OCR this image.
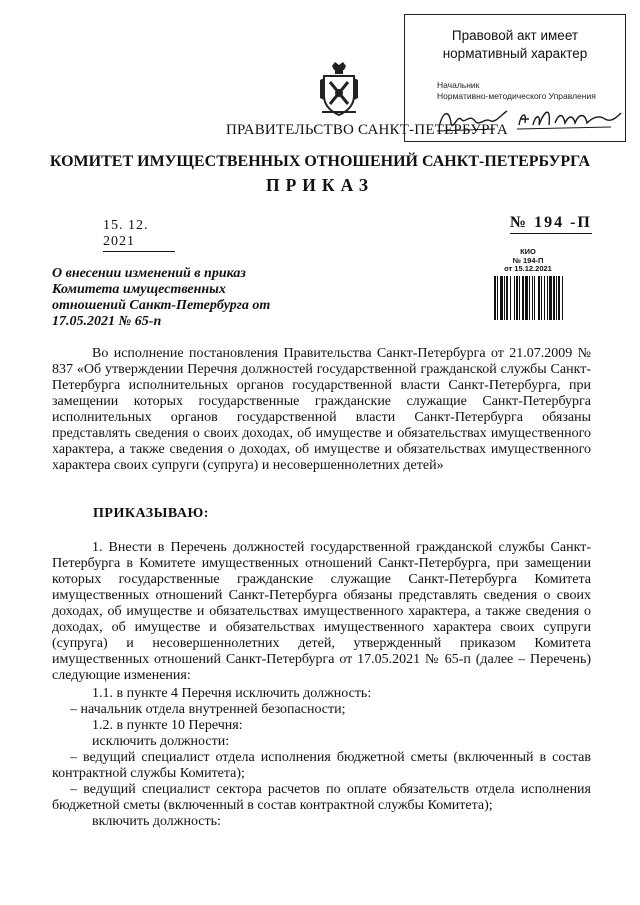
Правовой акт имеет
нормативный характер
Начальник
Нормативно-методического Управления
ПРАВИТЕЛЬСТВО САНКТ-ПЕТЕРБУРГА
КОМИТЕТ ИМУЩЕСТВЕННЫХ ОТНОШЕНИЙ САНКТ-ПЕТЕРБУРГА
ПРИКАЗ
15. 12. 2021
№ 194 -П
КИО
№ 194-П
от 15.12.2021
О внесении изменений в приказ Комитета имущественных отношений Санкт-Петербурга от 17.05.2021 № 65-п
Во исполнение постановления Правительства Санкт-Петербурга от 21.07.2009 № 837 «Об утверждении Перечня должностей государственной гражданской службы Санкт-Петербурга исполнительных органов государственной власти Санкт-Петербурга, при замещении которых государственные гражданские служащие Санкт-Петербурга исполнительных органов государственной власти Санкт-Петербурга обязаны представлять сведения о своих доходах, об имуществе и обязательствах имущественного характера, а также сведения о доходах, об имуществе и обязательствах имущественного характера своих супруги (супруга) и несовершеннолетних детей»
ПРИКАЗЫВАЮ:
1. Внести в Перечень должностей государственной гражданской службы Санкт-Петербурга в Комитете имущественных отношений Санкт-Петербурга, при замещении которых государственные гражданские служащие Санкт-Петербурга Комитета имущественных отношений Санкт-Петербурга обязаны представлять сведения о своих доходах, об имуществе и обязательствах имущественного характера, а также сведения о доходах, об имуществе и обязательствах имущественного характера своих супруги (супруга) и несовершеннолетних детей, утвержденный приказом Комитета имущественных отношений Санкт-Петербурга от 17.05.2021 № 65-п (далее – Перечень) следующие изменения:
1.1. в пункте 4 Перечня исключить должность:
– начальник отдела внутренней безопасности;
1.2. в пункте 10 Перечня:
исключить должности:
– ведущий специалист отдела исполнения бюджетной сметы (включенный в состав контрактной службы Комитета);
– ведущий специалист сектора расчетов по оплате обязательств отдела исполнения бюджетной сметы (включенный в состав контрактной службы Комитета);
включить должность:
